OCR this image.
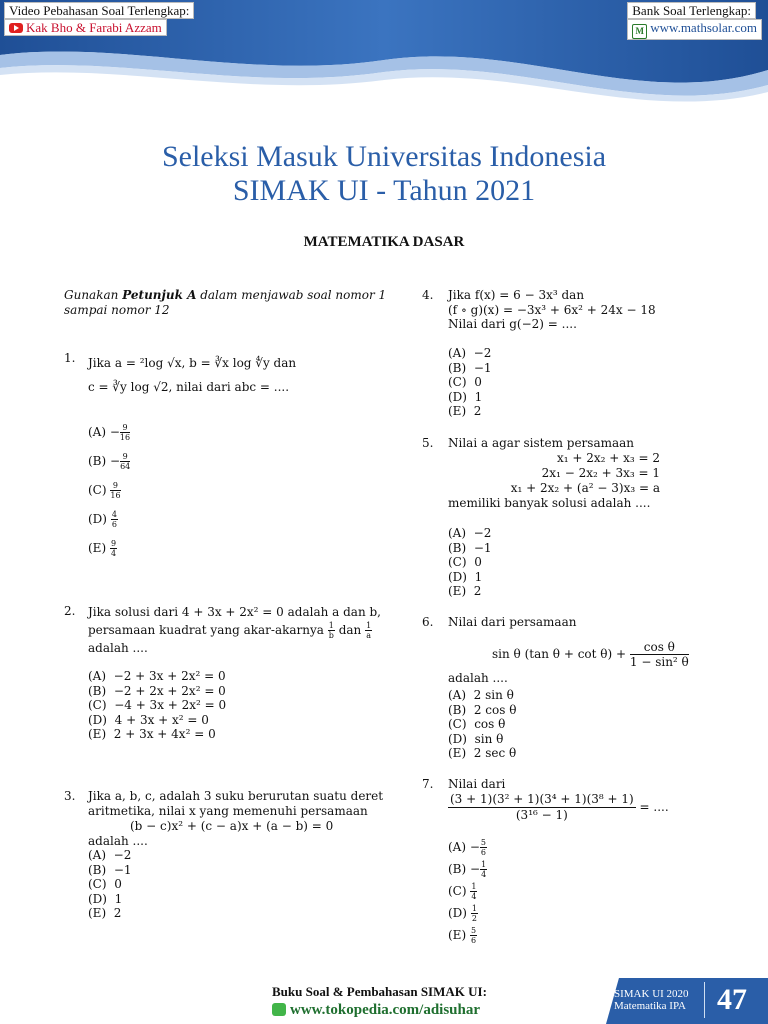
Video Pebahasan Soal Terlengkap:
Kak Bho & Farabi Azzam
Bank Soal Terlengkap:
M www.mathsolar.com
Seleksi Masuk Universitas Indonesia
SIMAK UI - Tahun 2021
MATEMATIKA DASAR
Gunakan Petunjuk A dalam menjawab soal nomor 1
sampai nomor 12
1. Jika a = ²log √x, b = ∛x log ∜y dan
c = ∛y log √2, nilai dari abc = ....
$(A) - \frac{9}{16}$
$(B) - \frac{9}{64}$
$(C) \frac{9}{16}$
$(D) \frac{4}{6}$
$(E) \frac{9}{4}$
2. Jika solusi dari 4 + 3x + 2x² = 0 adalah a dan b,
persamaan kuadrat yang akar-akarnya $\frac{1}{b}$ dan $\frac{1}{a}$
adalah ....
(A) −2 + 3x + 2x² = 0
(B) −2 + 2x + 2x² = 0
(C) −4 + 3x + 2x² = 0
(D) 4 + 3x + x² = 0
(E) 2 + 3x + 4x² = 0
3. Jika a, b, c, adalah 3 suku berurutan suatu deret
aritmetika, nilai x yang memenuhi persamaan
(b − c)x² + (c − a)x + (a − b) = 0
adalah ....
(A) −2
(B) −1
(C) 0
(D) 1
(E) 2
4. Jika f(x) = 6 − 3x³ dan
(f ∘ g)(x) = −3x³ + 6x² + 24x − 18
Nilai dari g(−2) = ....
(A) −2
(B) −1
(C) 0
(D) 1
(E) 2
5. Nilai a agar sistem persamaan
x₁ + 2x₂ + x₃ = 2
2x₁ − 2x₂ + 3x₃ = 1
x₁ + 2x₂ + (a² − 3)x₃ = a
memiliki banyak solusi adalah ....
(A) −2
(B) −1
(C) 0
(D) 1
(E) 2
6. Nilai dari persamaan
sin θ (tan $\theta + \cot \theta) + \frac{\text{cos θ}}{\text{1 − sin² θ}}$
adalah ....
(A) 2 sin θ
(B) 2 cos θ
(C) cos θ
(D) sin θ
(E) 2 sec θ
7. Nilai dari
$\frac{\text{(3 + 1)(3² + 1)(3⁴ + 1)(3⁸ + 1)}}{\text{(3¹⁶ − 1)}}$ = ....
$(A) - \frac{5}{6}$
$(B) - \frac{1}{4}$
$(C) \frac{1}{4}$
$(D) \frac{1}{2}$
$(E) \frac{5}{6}$
Buku Soal & Pembahasan SIMAK UI:
www.tokopedia.com/adisuhar
SIMAK UI 2020
Matematika IPA	47
